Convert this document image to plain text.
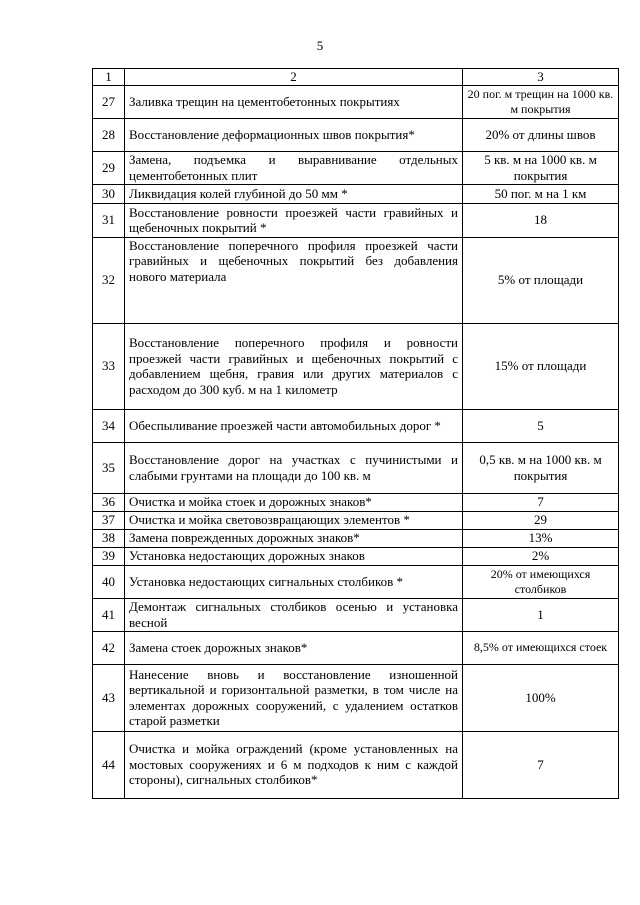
5
1	2	3
27	Заливка трещин на цементобетонных покрытиях	20 пог. м трещин на 1000 кв. м покрытия
28	Восстановление деформационных швов покрытия*	20% от длины швов
29	Замена, подъемка и выравнивание отдельных цементобетонных плит	5 кв. м на 1000 кв. м покрытия
30	Ликвидация колей глубиной до 50 мм *	50 пог. м на 1 км
31	Восстановление ровности проезжей части гравийных и щебеночных покрытий *	18
32	Восстановление поперечного профиля проезжей части гравийных и щебеночных покрытий без добавления нового материала	5% от площади
33	Восстановление поперечного профиля и ровности проезжей части гравийных и щебеночных покрытий с добавлением щебня, гравия или других материалов с расходом до 300 куб. м на 1 километр	15% от площади
34	Обеспыливание проезжей части автомобильных дорог *	5
35	Восстановление дорог на участках с пучинистыми и слабыми грунтами на площади до 100 кв. м	0,5 кв. м на 1000 кв. м покрытия
36	Очистка и мойка стоек и дорожных знаков*	7
37	Очистка и мойка световозвращающих элементов *	29
38	Замена поврежденных дорожных знаков*	13%
39	Установка недостающих дорожных знаков	2%
40	Установка недостающих сигнальных столбиков *	20% от имеющихся столбиков
41	Демонтаж сигнальных столбиков осенью и установка весной	1
42	Замена стоек дорожных знаков*	8,5% от имеющихся стоек
43	Нанесение вновь и восстановление изношенной вертикальной и горизонтальной разметки, в том числе на элементах дорожных сооружений, с удалением остатков старой разметки	100%
44	Очистка и мойка ограждений (кроме установленных на мостовых сооружениях и 6 м подходов к ним с каждой стороны), сигнальных столбиков*	7
